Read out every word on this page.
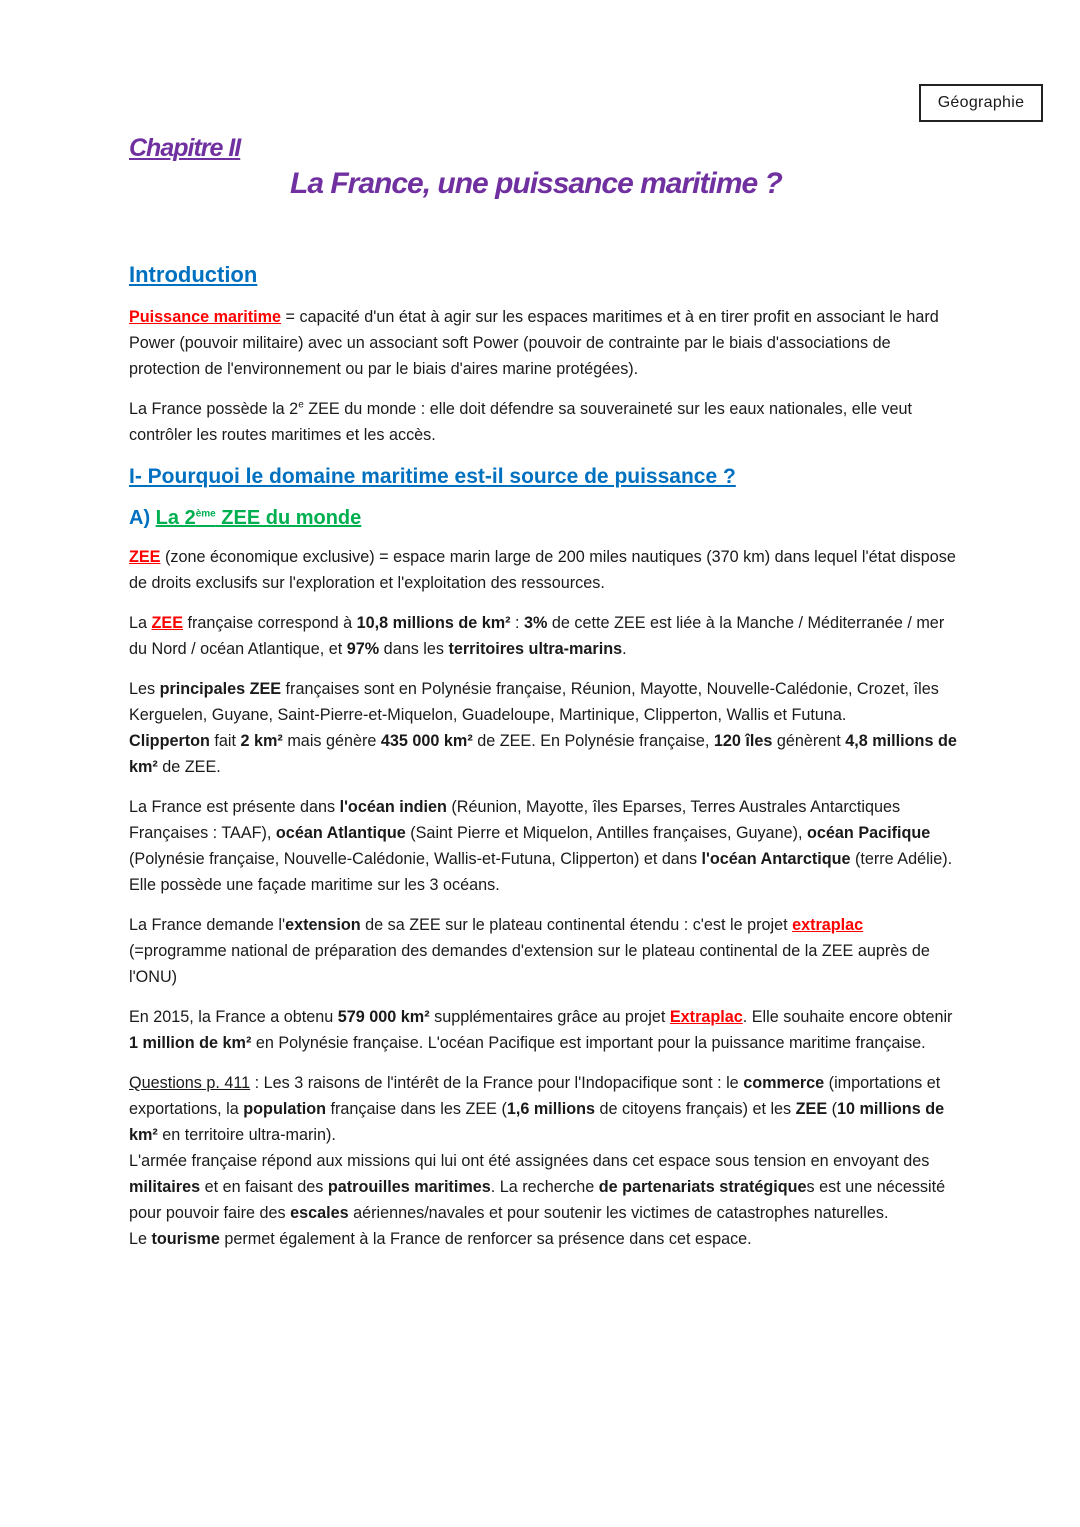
Géographie
Chapitre II
La France, une puissance maritime ?
Introduction

Puissance maritime = capacité d'un état à agir sur les espaces maritimes et à en tirer profit en associant le hard Power (pouvoir militaire) avec un associant soft Power (pouvoir de contrainte par le biais d'associations de protection de l'environnement ou par le biais d'aires marine protégées).

La France possède la 2e ZEE du monde : elle doit défendre sa souveraineté sur les eaux nationales, elle veut contrôler les routes maritimes et les accès.

I- Pourquoi le domaine maritime est-il source de puissance ?
A) La 2ème ZEE du monde

ZEE (zone économique exclusive) = espace marin large de 200 miles nautiques (370 km) dans lequel l'état dispose de droits exclusifs sur l'exploration et l'exploitation des ressources.

La ZEE française correspond à 10,8 millions de km² : 3% de cette ZEE est liée à la Manche / Méditerranée / mer du Nord / océan Atlantique, et 97% dans les territoires ultra-marins.

Les principales ZEE françaises sont en Polynésie française, Réunion, Mayotte, Nouvelle-Calédonie, Crozet, îles Kerguelen, Guyane, Saint-Pierre-et-Miquelon, Guadeloupe, Martinique, Clipperton, Wallis et Futuna.

Clipperton fait 2 km² mais génère 435 000 km² de ZEE. En Polynésie française, 120 îles génèrent 4,8 millions de km² de ZEE.

La France est présente dans l'océan indien (Réunion, Mayotte, îles Eparses, Terres Australes Antarctiques Françaises : TAAF), océan Atlantique (Saint Pierre et Miquelon, Antilles françaises, Guyane), océan Pacifique (Polynésie française, Nouvelle-Calédonie, Wallis-et-Futuna, Clipperton) et dans l'océan Antarctique (terre Adélie). Elle possède une façade maritime sur les 3 océans.

La France demande l'extension de sa ZEE sur le plateau continental étendu : c'est le projet extraplac (=programme national de préparation des demandes d'extension sur le plateau continental de la ZEE auprès de l'ONU)

En 2015, la France a obtenu 579 000 km² supplémentaires grâce au projet Extraplac. Elle souhaite encore obtenir 1 million de km² en Polynésie française. L'océan Pacifique est important pour la puissance maritime française.

Questions p. 411 : Les 3 raisons de l'intérêt de la France pour l'Indopacifique sont : le commerce (importations et exportations, la population française dans les ZEE (1,6 millions de citoyens français) et les ZEE (10 millions de km² en territoire ultra-marin).

L'armée française répond aux missions qui lui ont été assignées dans cet espace sous tension en envoyant des militaires et en faisant des patrouilles maritimes. La recherche de partenariats stratégiques est une nécessité pour pouvoir faire des escales aériennes/navales et pour soutenir les victimes de catastrophes naturelles.

Le tourisme permet également à la France de renforcer sa présence dans cet espace.
